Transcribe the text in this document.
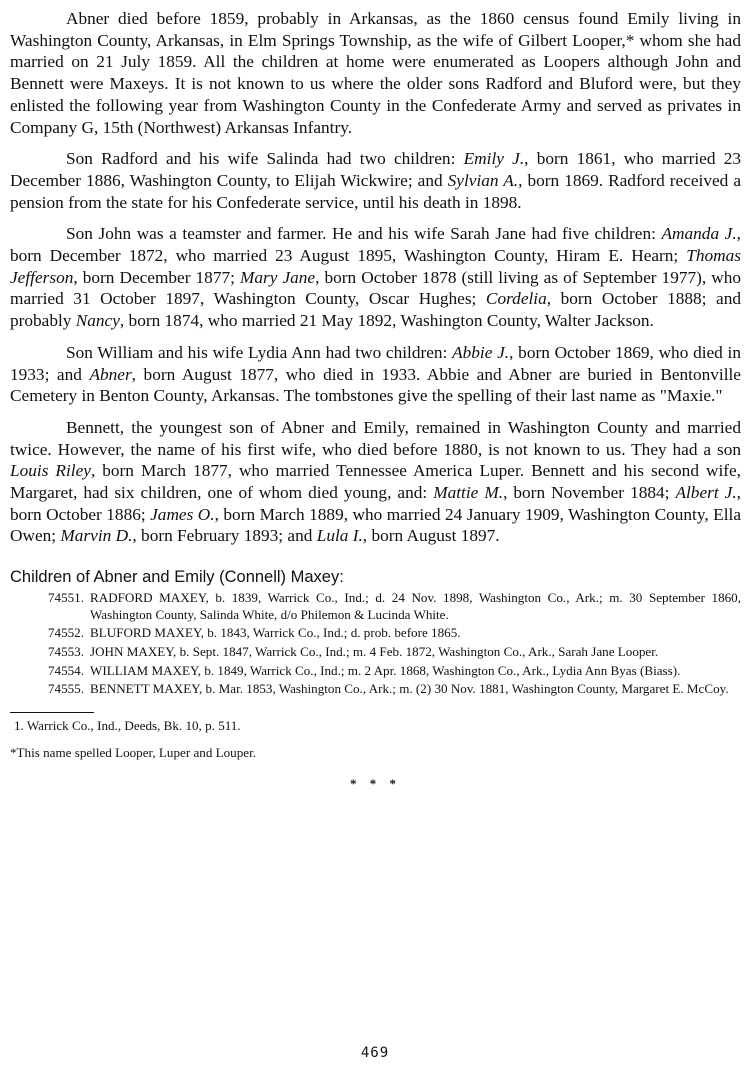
Abner died before 1859, probably in Arkansas, as the 1860 census found Emily living in Washington County, Arkansas, in Elm Springs Township, as the wife of Gilbert Looper,* whom she had married on 21 July 1859. All the children at home were enumerated as Loopers although John and Bennett were Maxeys. It is not known to us where the older sons Radford and Bluford were, but they enlisted the following year from Washington County in the Confederate Army and served as privates in Company G, 15th (Northwest) Arkansas Infantry.

Son Radford and his wife Salinda had two children: Emily J., born 1861, who married 23 December 1886, Washington County, to Elijah Wickwire; and Sylvian A., born 1869. Radford received a pension from the state for his Confederate service, until his death in 1898.

Son John was a teamster and farmer. He and his wife Sarah Jane had five children: Amanda J., born December 1872, who married 23 August 1895, Washington County, Hiram E. Hearn; Thomas Jefferson, born December 1877; Mary Jane, born October 1878 (still living as of September 1977), who married 31 October 1897, Washington County, Oscar Hughes; Cordelia, born October 1888; and probably Nancy, born 1874, who married 21 May 1892, Washington County, Walter Jackson.

Son William and his wife Lydia Ann had two children: Abbie J., born October 1869, who died in 1933; and Abner, born August 1877, who died in 1933. Abbie and Abner are buried in Bentonville Cemetery in Benton County, Arkansas. The tombstones give the spelling of their last name as "Maxie."

Bennett, the youngest son of Abner and Emily, remained in Washington County and married twice. However, the name of his first wife, who died before 1880, is not known to us. They had a son Louis Riley, born March 1877, who married Tennessee America Luper. Bennett and his second wife, Margaret, had six children, one of whom died young, and: Mattie M., born November 1884; Albert J., born October 1886; James O., born March 1889, who married 24 January 1909, Washington County, Ella Owen; Marvin D., born February 1893; and Lula I., born August 1897.

Children of Abner and Emily (Connell) Maxey:
74551. RADFORD MAXEY, b. 1839, Warrick Co., Ind.; d. 24 Nov. 1898, Washington Co., Ark.; m. 30 September 1860, Washington County, Salinda White, d/o Philemon & Lucinda White.
74552. BLUFORD MAXEY, b. 1843, Warrick Co., Ind.; d. prob. before 1865.
74553. JOHN MAXEY, b. Sept. 1847, Warrick Co., Ind.; m. 4 Feb. 1872, Washington Co., Ark., Sarah Jane Looper.
74554. WILLIAM MAXEY, b. 1849, Warrick Co., Ind.; m. 2 Apr. 1868, Washington Co., Ark., Lydia Ann Byas (Biass).
74555. BENNETT MAXEY, b. Mar. 1853, Washington Co., Ark.; m. (2) 30 Nov. 1881, Washington County, Margaret E. McCoy.
1. Warrick Co., Ind., Deeds, Bk. 10, p. 511.
*This name spelled Looper, Luper and Louper.
* * *
469
